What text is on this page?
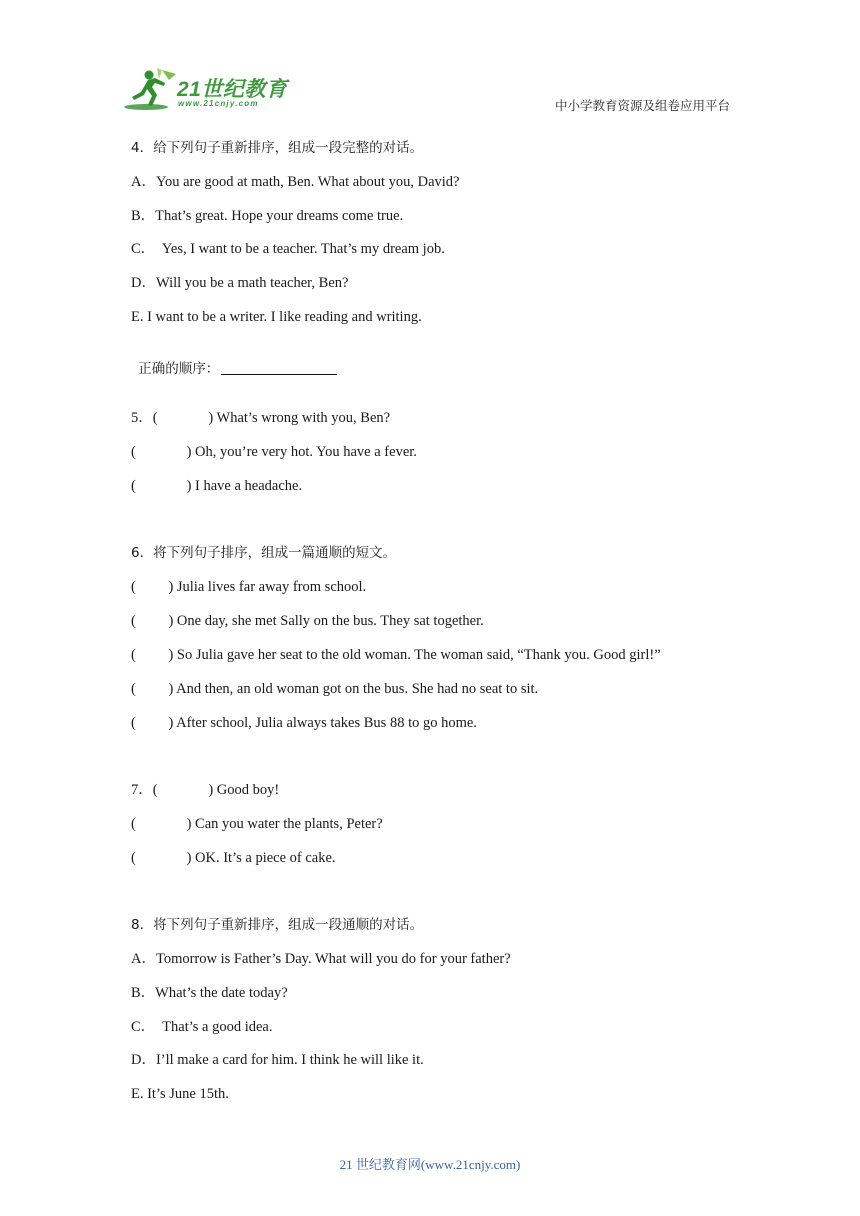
21世纪教育
www.21cnjy.com	中小学教育资源及组卷应用平台
4．给下列句子重新排序，组成一段完整的对话。
A．You are good at math, Ben. What about you, David?
B．That’s great. Hope your dreams come true.
C．  Yes, I want to be a teacher. That’s my dream job.
D．Will you be a math teacher, Ben?
E. I want to be a writer. I like reading and writing.

正确的顺序：

5．(              ) What’s wrong with you, Ben?
(              ) Oh, you’re very hot. You have a fever.
(              ) I have a headache.
6．将下列句子排序，组成一篇通顺的短文。
(         ) Julia lives far away from school.
(         ) One day, she met Sally on the bus. They sat together.
(         ) So Julia gave her seat to the old woman. The woman said, “Thank you. Good girl!”
(         ) And then, an old woman got on the bus. She had no seat to sit.
(         ) After school, Julia always takes Bus 88 to go home.
7．(              ) Good boy!
(              ) Can you water the plants, Peter?
(              ) OK. It’s a piece of cake.
8．将下列句子重新排序，组成一段通顺的对话。
A．Tomorrow is Father’s Day. What will you do for your father?
B．What’s the date today?
C．  That’s a good idea.
D．I’ll make a card for him. I think he will like it.
E. It’s June 15th.
21 世纪教育网(www.21cnjy.com)
